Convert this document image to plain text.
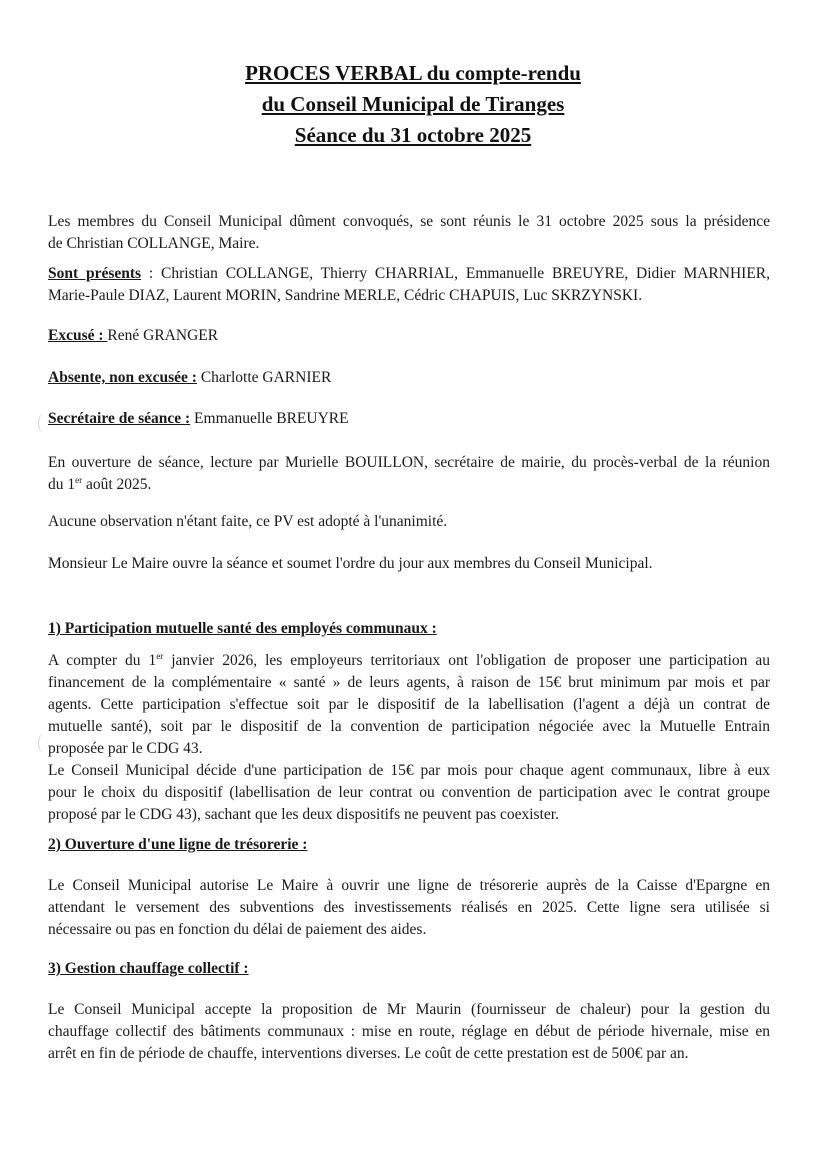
PROCES VERBAL du compte-rendu
du Conseil Municipal de Tiranges
Séance du 31 octobre 2025
Les membres du Conseil Municipal dûment convoqués, se sont réunis le 31 octobre 2025 sous la présidence
de Christian COLLANGE, Maire.
Sont présents : Christian COLLANGE, Thierry CHARRIAL, Emmanuelle BREUYRE, Didier MARNHIER,
Marie-Paule DIAZ, Laurent MORIN, Sandrine MERLE, Cédric CHAPUIS, Luc SKRZYNSKI.
Excusé : René GRANGER
Absente, non excusée : Charlotte GARNIER
Secrétaire de séance : Emmanuelle BREUYRE
En ouverture de séance, lecture par Murielle BOUILLON, secrétaire de mairie, du procès-verbal de la réunion
du 1er août 2025.
Aucune observation n'étant faite, ce PV est adopté à l'unanimité.
Monsieur Le Maire ouvre la séance et soumet l'ordre du jour aux membres du Conseil Municipal.
1) Participation mutuelle santé des employés communaux :
A compter du 1er janvier 2026, les employeurs territoriaux ont l'obligation de proposer une participation au
financement de la complémentaire « santé » de leurs agents, à raison de 15€ brut minimum par mois et par
agents. Cette participation s'effectue soit par le dispositif de la labellisation (l'agent a déjà un contrat de
mutuelle santé), soit par le dispositif de la convention de participation négociée avec la Mutuelle Entrain
proposée par le CDG 43.
Le Conseil Municipal décide d'une participation de 15€ par mois pour chaque agent communaux, libre à eux
pour le choix du dispositif (labellisation de leur contrat ou convention de participation avec le contrat groupe
proposé par le CDG 43), sachant que les deux dispositifs ne peuvent pas coexister.
2) Ouverture d'une ligne de trésorerie :
Le Conseil Municipal autorise Le Maire à ouvrir une ligne de trésorerie auprès de la Caisse d'Epargne en
attendant le versement des subventions des investissements réalisés en 2025. Cette ligne sera utilisée si
nécessaire ou pas en fonction du délai de paiement des aides.
3) Gestion chauffage collectif :
Le Conseil Municipal accepte la proposition de Mr Maurin (fournisseur de chaleur) pour la gestion du
chauffage collectif des bâtiments communaux : mise en route, réglage en début de période hivernale, mise en
arrêt en fin de période de chauffe, interventions diverses. Le coût de cette prestation est de 500€ par an.
